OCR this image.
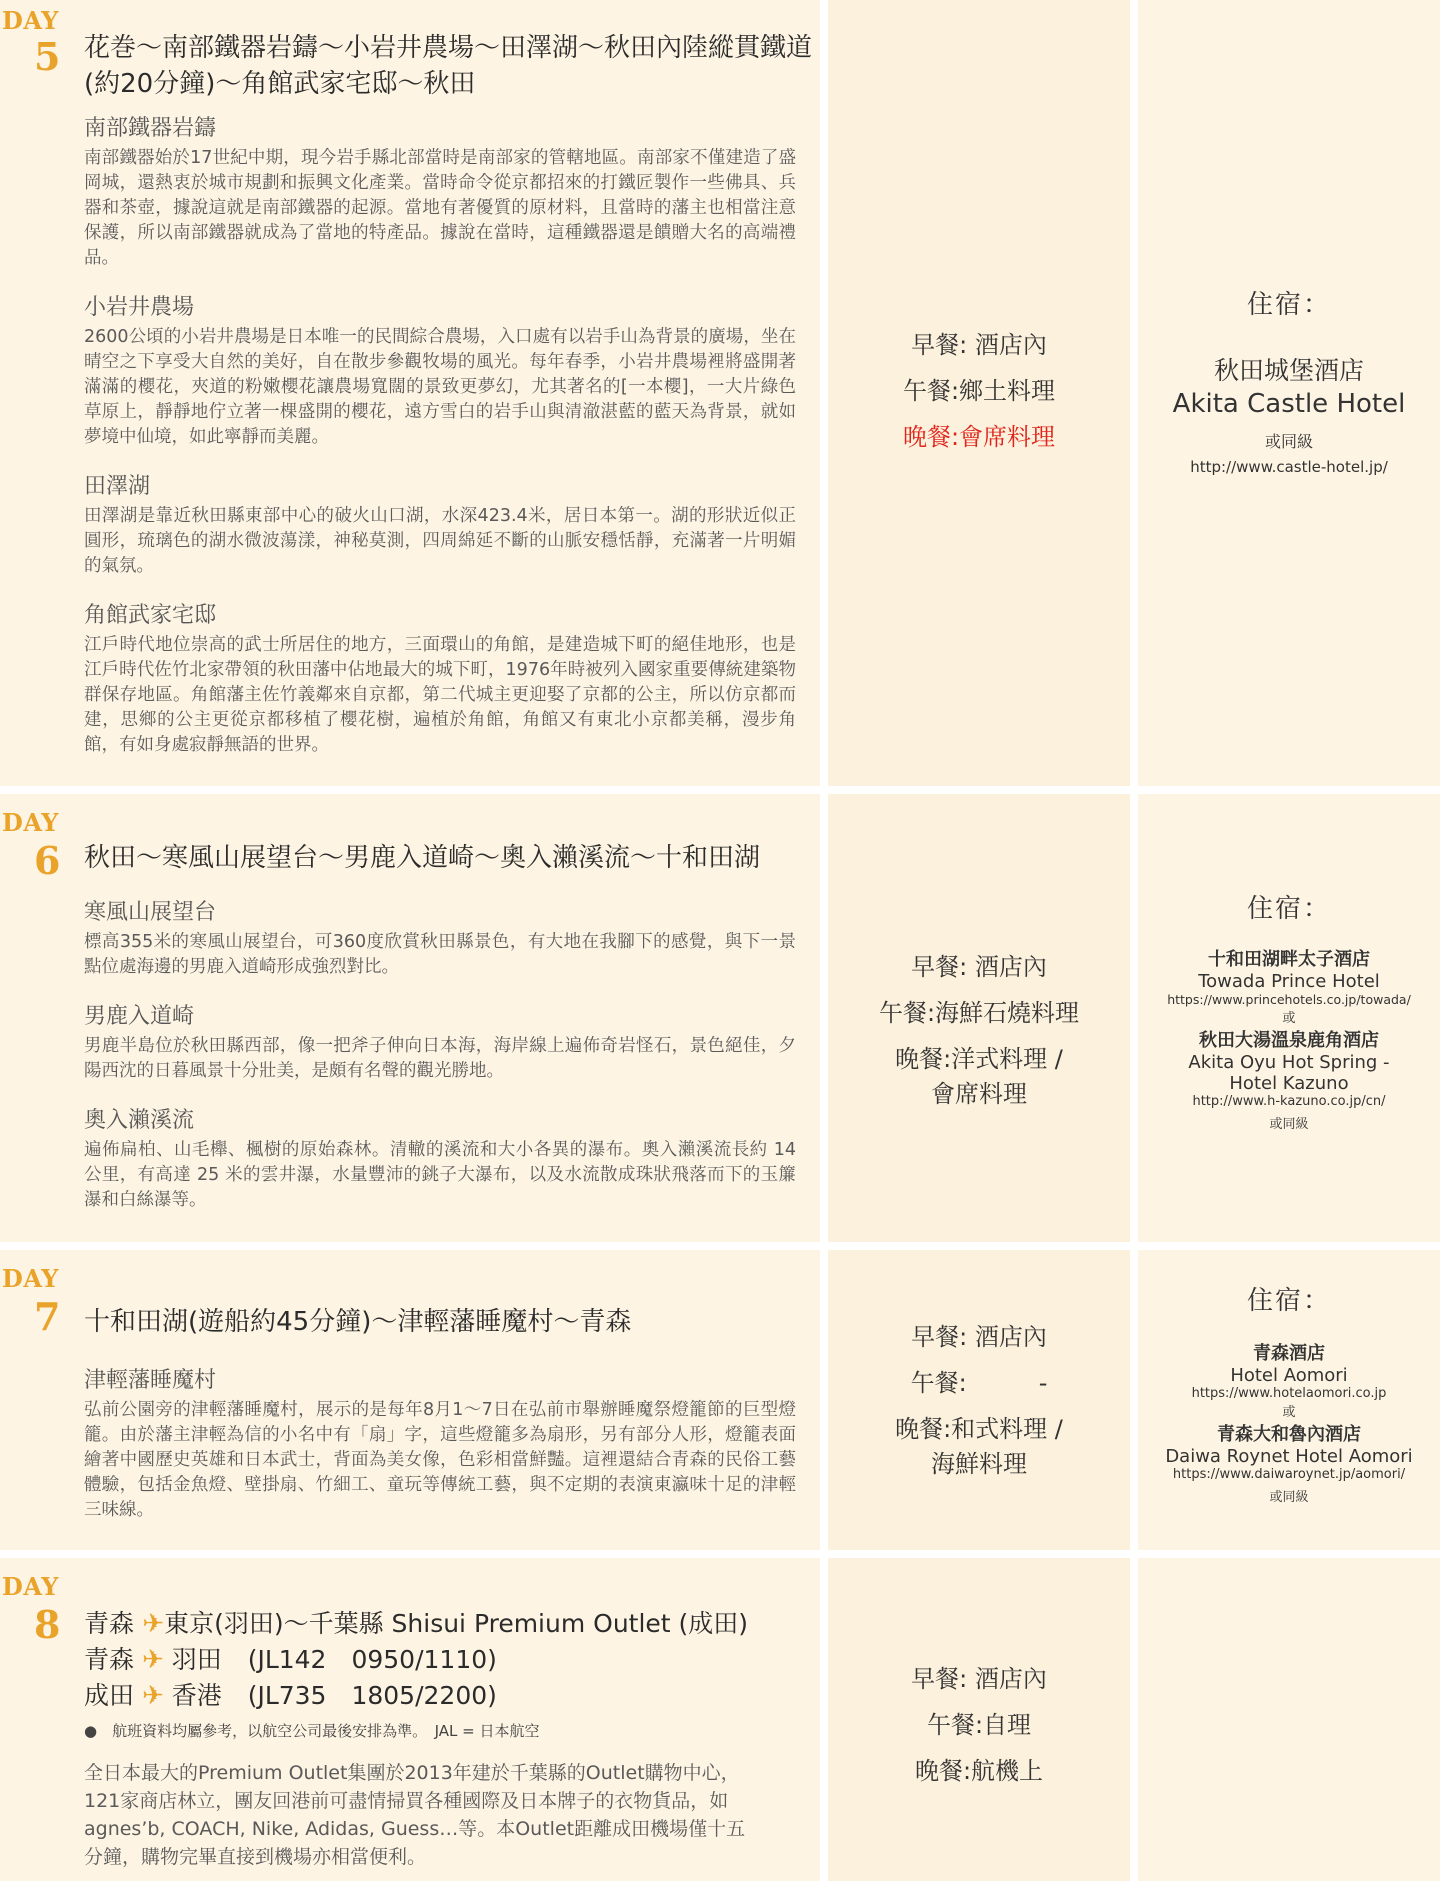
DAY
5 花巻～南部鐵器岩鑄～小岩井農場～田澤湖～秋田內陸縱貫鐵道(約20分鐘)～角館武家宅邸～秋田
南部鐵器岩鑄

南部鐵器始於17世紀中期，現今岩手縣北部當時是南部家的管轄地區。南部家不僅建造了盛岡城，還熱衷於城市規劃和振興文化產業。當時命令從京都招來的打鐵匠製作一些佛具、兵器和茶壺，據說這就是南部鐵器的起源。當地有著優質的原材料，且當時的藩主也相當注意保護，所以南部鐵器就成為了當地的特產品。據說在當時，這種鐵器還是饋贈大名的高端禮品。

小岩井農場

2600公頃的小岩井農場是日本唯一的民間綜合農場，入口處有以岩手山為背景的廣場，坐在晴空之下享受大自然的美好，自在散步參觀牧場的風光。每年春季，小岩井農場裡將盛開著滿滿的櫻花，夾道的粉嫩櫻花讓農場寬闊的景致更夢幻，尤其著名的[一本櫻]，一大片綠色草原上，靜靜地佇立著一棵盛開的櫻花，遠方雪白的岩手山與清澈湛藍的藍天為背景，就如夢境中仙境，如此寧靜而美麗。

田澤湖

田澤湖是靠近秋田縣東部中心的破火山口湖，水深423.4米，居日本第一。湖的形狀近似正圓形，琉璃色的湖水微波蕩漾，神秘莫測，四周綿延不斷的山脈安穩恬靜，充滿著一片明媚的氣氛。

角館武家宅邸

江戶時代地位崇高的武士所居住的地方，三面環山的角館，是建造城下町的絕佳地形，也是江戶時代佐竹北家帶領的秋田藩中佔地最大的城下町，1976年時被列入國家重要傳統建築物群保存地區。角館藩主佐竹義鄰來自京都，第二代城主更迎娶了京都的公主，所以仿京都而建，思鄉的公主更從京都移植了櫻花樹，遍植於角館，角館又有東北小京都美稱，漫步角館，有如身處寂靜無語的世界。

早餐: 酒店內
午餐:鄉土料理
晚餐:會席料理
住宿：
秋田城堡酒店
Akita Castle Hotel
或同級
http://www.castle-hotel.jp/
DAY
6 秋田～寒風山展望台～男鹿入道崎～奧入瀨溪流～十和田湖
寒風山展望台

標高355米的寒風山展望台，可360度欣賞秋田縣景色，有大地在我腳下的感覺，與下一景點位處海邊的男鹿入道崎形成強烈對比。

男鹿入道崎

男鹿半島位於秋田縣西部，像一把斧子伸向日本海，海岸線上遍佈奇岩怪石，景色絕佳，夕陽西沈的日暮風景十分壯美，是頗有名聲的觀光勝地。

奧入瀨溪流

遍佈扁柏、山毛櫸、楓樹的原始森林。清轍的溪流和大小各異的瀑布。奧入瀨溪流長約 14 公里，有高達 25 米的雲井瀑，水量豐沛的銚子大瀑布，以及水流散成珠狀飛落而下的玉簾瀑和白絲瀑等。

早餐: 酒店內
午餐:海鮮石燒料理
晚餐:洋式料理 /
會席料理
住宿：
十和田湖畔太子酒店
Towada Prince Hotel
https://www.princehotels.co.jp/towada/
或
秋田大湯溫泉鹿角酒店
Akita Oyu Hot Spring -
Hotel Kazuno
http://www.h-kazuno.co.jp/cn/
或同級
DAY
7 十和田湖(遊船約45分鐘)～津輕藩睡魔村～青森
津輕藩睡魔村

弘前公園旁的津輕藩睡魔村，展示的是每年8月1～7日在弘前市舉辦睡魔祭燈籠節的巨型燈籠。由於藩主津輕為信的小名中有「扇」字，這些燈籠多為扇形，另有部分人形，燈籠表面繪著中國歷史英雄和日本武士，背面為美女像，色彩相當鮮豔。這裡還結合青森的民俗工藝體驗，包括金魚燈、壁掛扇、竹細工、童玩等傳統工藝，與不定期的表演東瀛味十足的津輕三味線。

早餐: 酒店內
午餐:　　　-
晚餐:和式料理 /
海鮮料理
住宿：
青森酒店
Hotel Aomori
https://www.hotelaomori.co.jp
或
青森大和魯內酒店
Daiwa Roynet Hotel Aomori
https://www.daiwaroynet.jp/aomori/
或同級
DAY
8 青森 ✈東京(羽田)～千葉縣 Shisui Premium Outlet (成田)
青森 ✈ 羽田 (JL142　0950/1110)
成田 ✈ 香港 (JL735　1805/2200)
●　航班資料均屬參考，以航空公司最後安排為準。　JAL = 日本航空
全日本最大的Premium Outlet集團於2013年建於千葉縣的Outlet購物中心，121家商店林立，團友回港前可盡情掃買各種國際及日本牌子的衣物貨品，如agnes’b, COACH, Nike, Adidas, Guess…等。本Outlet距離成田機場僅十五分鐘，購物完畢直接到機場亦相當便利。
早餐: 酒店內
午餐:自理
晚餐:航機上
